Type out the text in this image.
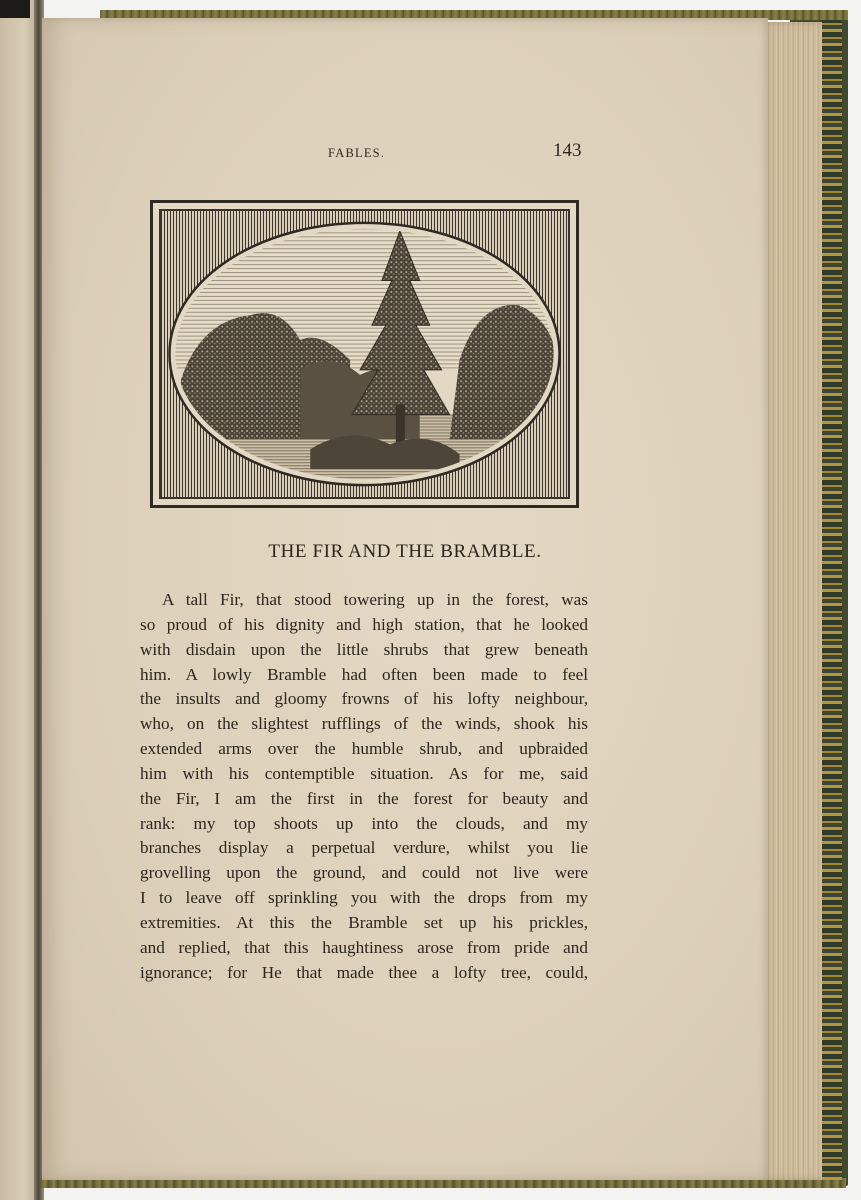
FABLES.	143
THE FIR AND THE BRAMBLE.
A tall Fir, that stood towering up in the forest, was
so proud of his dignity and high station, that he looked
with disdain upon the little shrubs that grew beneath
him. A lowly Bramble had often been made to feel
the insults and gloomy frowns of his lofty neighbour,
who, on the slightest rufflings of the winds, shook his
extended arms over the humble shrub, and upbraided
him with his contemptible situation. As for me, said
the Fir, I am the first in the forest for beauty and
rank: my top shoots up into the clouds, and my
branches display a perpetual verdure, whilst you lie
grovelling upon the ground, and could not live were
I to leave off sprinkling you with the drops from my
extremities. At this the Bramble set up his prickles,
and replied, that this haughtiness arose from pride and
ignorance; for He that made thee a lofty tree, could,
